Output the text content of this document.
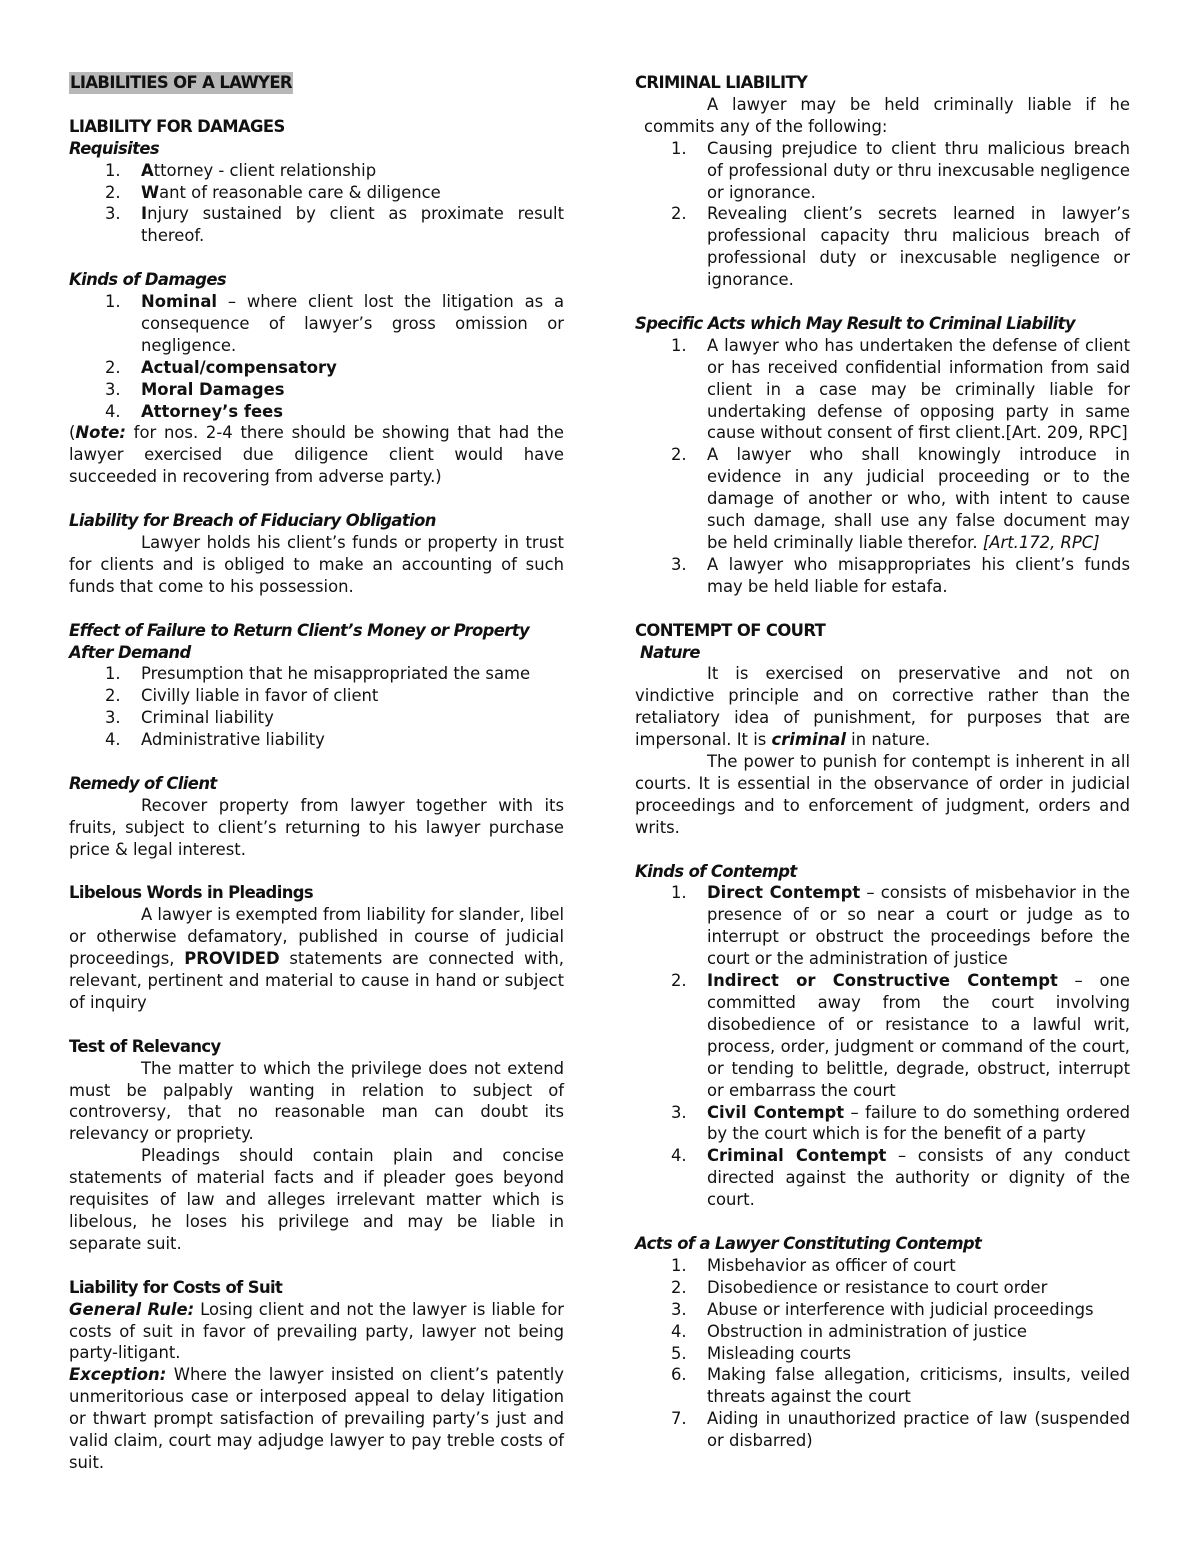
LIABILITIES OF A LAWYER

LIABILITY FOR DAMAGES

Requisites

1. Attorney - client relationship
2. Want of reasonable care & diligence
3. Injury sustained by client as proximate result thereof.

Kinds of Damages

1. Nominal – where client lost the litigation as a consequence of lawyer’s gross omission or negligence.
2. Actual/compensatory
3. Moral Damages
4. Attorney’s fees

(Note: for nos. 2-4 there should be showing that had the lawyer exercised due diligence client would have succeeded in recovering from adverse party.)

Liability for Breach of Fiduciary Obligation

Lawyer holds his client’s funds or property in trust for clients and is obliged to make an accounting of such funds that come to his possession.

Effect of Failure to Return Client’s Money or Property After Demand

1. Presumption that he misappropriated the same
2. Civilly liable in favor of client
3. Criminal liability
4. Administrative liability

Remedy of Client

Recover property from lawyer together with its fruits, subject to client’s returning to his lawyer purchase price & legal interest.

Libelous Words in Pleadings

A lawyer is exempted from liability for slander, libel or otherwise defamatory, published in course of judicial proceedings, PROVIDED statements are connected with, relevant, pertinent and material to cause in hand or subject of inquiry

Test of Relevancy

The matter to which the privilege does not extend must be palpably wanting in relation to subject of controversy, that no reasonable man can doubt its relevancy or propriety.

Pleadings should contain plain and concise statements of material facts and if pleader goes beyond requisites of law and alleges irrelevant matter which is libelous, he loses his privilege and may be liable in separate suit.

Liability for Costs of Suit

General Rule: Losing client and not the lawyer is liable for costs of suit in favor of prevailing party, lawyer not being party-litigant.

Exception: Where the lawyer insisted on client’s patently unmeritorious case or interposed appeal to delay litigation or thwart prompt satisfaction of prevailing party’s just and valid claim, court may adjudge lawyer to pay treble costs of suit.

CRIMINAL LIABILITY

A lawyer may be held criminally liable if he

commits any of the following:

1. Causing prejudice to client thru malicious breach of professional duty or thru inexcusable negligence or ignorance.
2. Revealing client’s secrets learned in lawyer’s professional capacity thru malicious breach of professional duty or inexcusable negligence or ignorance.

Specific Acts which May Result to Criminal Liability

1. A lawyer who has undertaken the defense of client or has received confidential information from said client in a case may be criminally liable for undertaking defense of opposing party in same cause without consent of first client.[Art. 209, RPC]
2. A lawyer who shall knowingly introduce in evidence in any judicial proceeding or to the damage of another or who, with intent to cause such damage, shall use any false document may be held criminally liable therefor. [Art.172, RPC]
3. A lawyer who misappropriates his client’s funds may be held liable for estafa.

CONTEMPT OF COURT

Nature

It is exercised on preservative and not on vindictive principle and on corrective rather than the retaliatory idea of punishment, for purposes that are impersonal. It is criminal in nature.

The power to punish for contempt is inherent in all courts. It is essential in the observance of order in judicial proceedings and to enforcement of judgment, orders and writs.

Kinds of Contempt

1. Direct Contempt – consists of misbehavior in the presence of or so near a court or judge as to interrupt or obstruct the proceedings before the court or the administration of justice
2. Indirect or Constructive Contempt – one committed away from the court involving disobedience of or resistance to a lawful writ, process, order, judgment or command of the court, or tending to belittle, degrade, obstruct, interrupt or embarrass the court
3. Civil Contempt – failure to do something ordered by the court which is for the benefit of a party
4. Criminal Contempt – consists of any conduct directed against the authority or dignity of the court.

Acts of a Lawyer Constituting Contempt

1. Misbehavior as officer of court
2. Disobedience or resistance to court order
3. Abuse or interference with judicial proceedings
4. Obstruction in administration of justice
5. Misleading courts
6. Making false allegation, criticisms, insults, veiled threats against the court
7. Aiding in unauthorized practice of law (suspended or disbarred)
